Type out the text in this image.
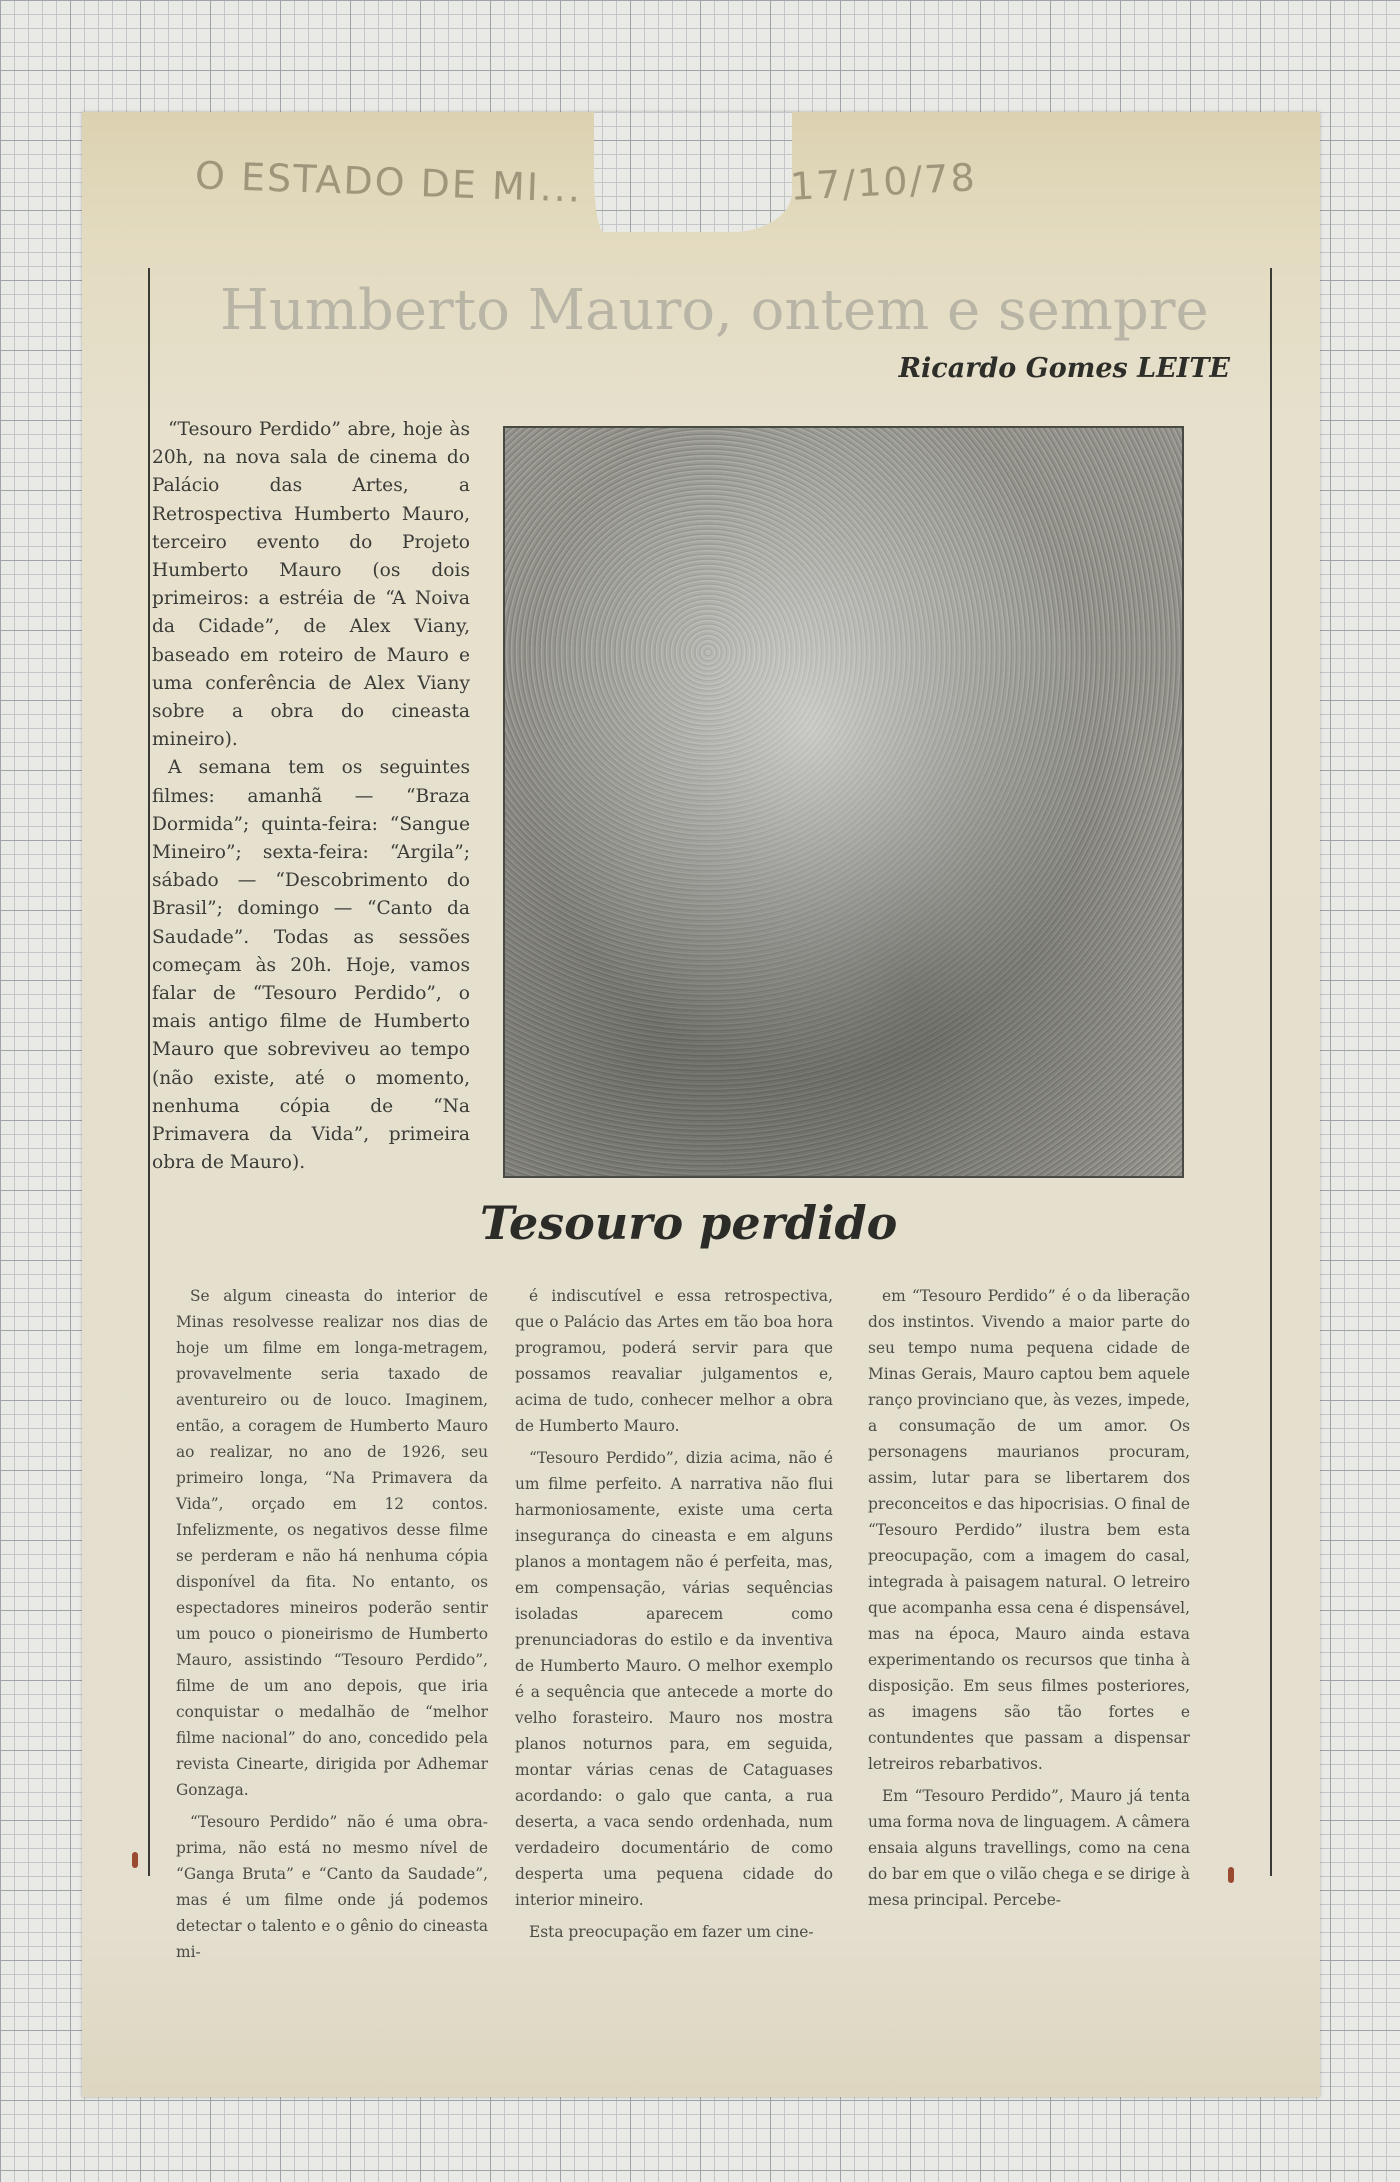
O ESTADO DE MI...	17/10/78
Humberto Mauro, ontem e sempre
Ricardo Gomes LEITE

“Tesouro Perdido” abre, hoje às 20h, na nova sala de cinema do Palácio das Artes, a Retrospectiva Humberto Mauro, terceiro evento do Projeto Humberto Mauro (os dois primeiros: a estréia de “A Noiva da Cidade”, de Alex Viany, baseado em roteiro de Mauro e uma conferência de Alex Viany sobre a obra do cineasta mineiro).

A semana tem os seguintes filmes: amanhã — “Braza Dormida”; quinta-feira: “Sangue Mineiro”; sexta-feira: “Argila”; sábado — “Descobrimento do Brasil”; domingo — “Canto da Saudade”. Todas as sessões começam às 20h. Hoje, vamos falar de “Tesouro Perdido”, o mais antigo filme de Humberto Mauro que sobreviveu ao tempo (não existe, até o momento, nenhuma cópia de “Na Primavera da Vida”, primeira obra de Mauro).

Tesouro perdido

Se algum cineasta do interior de Minas resolvesse realizar nos dias de hoje um filme em longa-metragem, provavelmente seria taxado de aventureiro ou de louco. Imaginem, então, a coragem de Humberto Mauro ao realizar, no ano de 1926, seu primeiro longa, “Na Primavera da Vida”, orçado em 12 contos. Infelizmente, os negativos desse filme se perderam e não há nenhuma cópia disponível da fita. No entanto, os espectadores mineiros poderão sentir um pouco o pioneirismo de Humberto Mauro, assistindo “Tesouro Perdido”, filme de um ano depois, que iria conquistar o medalhão de “melhor filme nacional” do ano, concedido pela revista Cinearte, dirigida por Adhemar Gonzaga.

“Tesouro Perdido” não é uma obra-prima, não está no mesmo nível de “Ganga Bruta” e “Canto da Saudade”, mas é um filme onde já podemos detectar o talento e o gênio do cineasta mi-

é indiscutível e essa retrospectiva, que o Palácio das Artes em tão boa hora programou, poderá servir para que possamos reavaliar julgamentos e, acima de tudo, conhecer melhor a obra de Humberto Mauro.

“Tesouro Perdido”, dizia acima, não é um filme perfeito. A narrativa não flui harmoniosamente, existe uma certa insegurança do cineasta e em alguns planos a montagem não é perfeita, mas, em compensação, várias sequências isoladas aparecem como prenunciadoras do estilo e da inventiva de Humberto Mauro. O melhor exemplo é a sequência que antecede a morte do velho forasteiro. Mauro nos mostra planos noturnos para, em seguida, montar várias cenas de Cataguases acordando: o galo que canta, a rua deserta, a vaca sendo ordenhada, num verdadeiro documentário de como desperta uma pequena cidade do interior mineiro.

Esta preocupação em fazer um cine-

em “Tesouro Perdido” é o da liberação dos instintos. Vivendo a maior parte do seu tempo numa pequena cidade de Minas Gerais, Mauro captou bem aquele ranço provinciano que, às vezes, impede, a consumação de um amor. Os personagens maurianos procuram, assim, lutar para se libertarem dos preconceitos e das hipocrisias. O final de “Tesouro Perdido” ilustra bem esta preocupação, com a imagem do casal, integrada à paisagem natural. O letreiro que acompanha essa cena é dispensável, mas na época, Mauro ainda estava experimentando os recursos que tinha à disposição. Em seus filmes posteriores, as imagens são tão fortes e contundentes que passam a dispensar letreiros rebarbativos.

Em “Tesouro Perdido”, Mauro já tenta uma forma nova de linguagem. A câmera ensaia alguns travellings, como na cena do bar em que o vilão chega e se dirige à mesa principal. Percebe-
